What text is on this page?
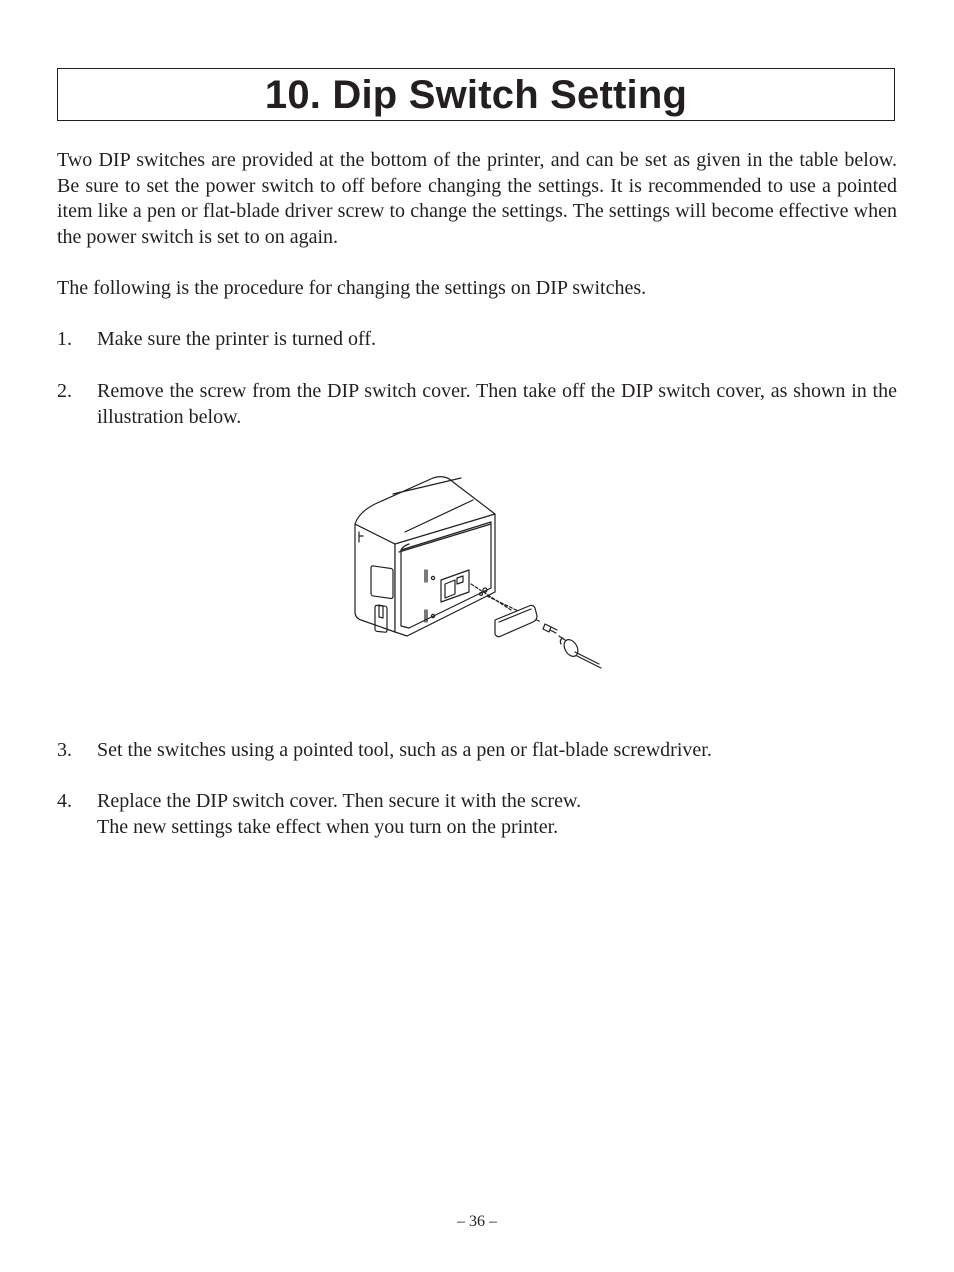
10. Dip Switch Setting

Two DIP switches are provided at the bottom of the printer, and can be set as given in the table below. Be sure to set the power switch to off before changing the settings. It is recommended to use a pointed item like a pen or flat-blade driver screw to change the settings. The settings will become effective when the power switch is set to on again.

The following is the procedure for changing the settings on DIP switches.

1. Make sure the printer is turned off.
2. Remove the screw from the DIP switch cover. Then take off the DIP switch cover, as shown in the illustration below.
3. Set the switches using a pointed tool, such as a pen or flat-blade screwdriver.
4. Replace the DIP switch cover. Then secure it with the screw.
The new settings take effect when you turn on the printer.
– 36 –
